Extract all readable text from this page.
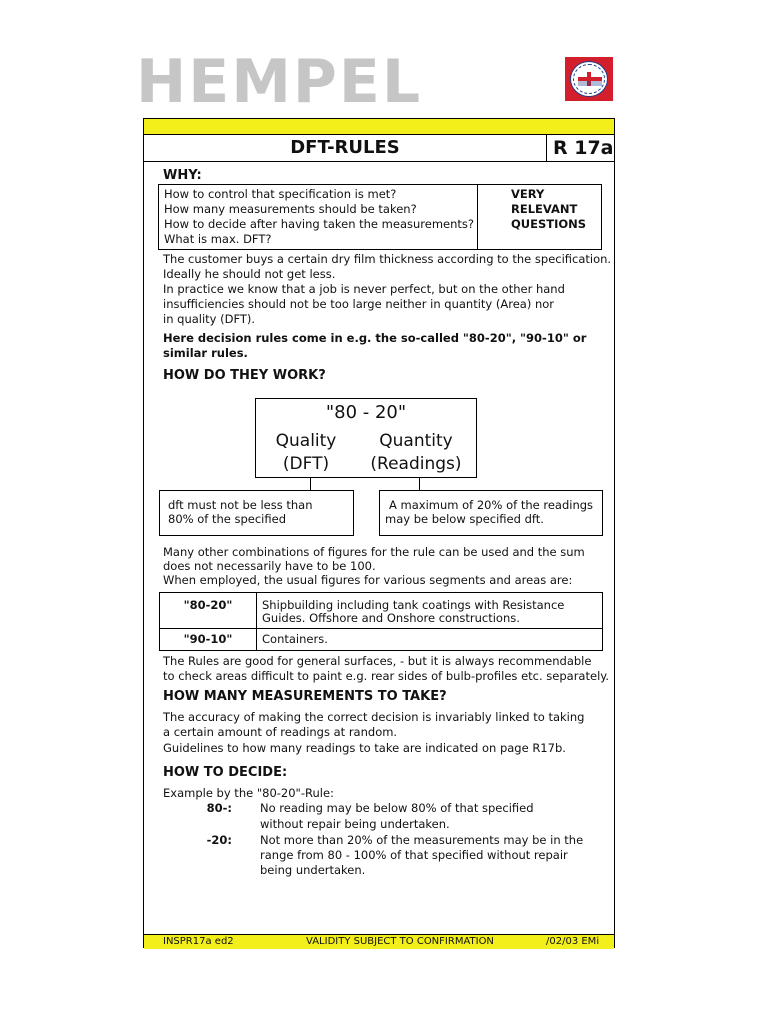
HEMPEL
DFT-RULES	R 17a
WHY:
How to control that specification is met?
How many measurements should be taken?
How to decide after having taken the measurements?
What is max. DFT?
VERY
RELEVANT
QUESTIONS
The customer buys a certain dry film thickness according to the specification.
Ideally he should not get less.
In practice we know that a job is never perfect, but on the other hand
insufficiencies should not be too large neither in quantity (Area) nor
in quality (DFT).
Here decision rules come in e.g. the so-called "80-20", "90-10" or
similar rules.
HOW DO THEY WORK?
"80 - 20"
Quality
(DFT)
Quantity
(Readings)
dft must not be less than
80% of the specified
A maximum of 20% of the readings
may be below specified dft.
Many other combinations of figures for the rule can be used and the sum
does not necessarily have to be 100.
When employed, the usual figures for various segments and areas are:
"80-20"	Shipbuilding including tank coatings with Resistance
Guides. Offshore and Onshore constructions.
"90-10"	Containers.
The Rules are good for general surfaces, - but it is always recommendable
to check areas difficult to paint e.g. rear sides of bulb-profiles etc. separately.
HOW MANY MEASUREMENTS TO TAKE?
The accuracy of making the correct decision is invariably linked to taking
a certain amount of readings at random.
Guidelines to how many readings to take are indicated on page R17b.
HOW TO DECIDE:
Example by the "80-20"-Rule:
80-: No reading may be below 80% of that specified
without repair being undertaken.
-20: Not more than 20% of the measurements may be in the
range from 80 - 100% of that specified without repair
being undertaken.
INSPR17a ed2	VALIDITY SUBJECT TO CONFIRMATION	/02/03 EMi
